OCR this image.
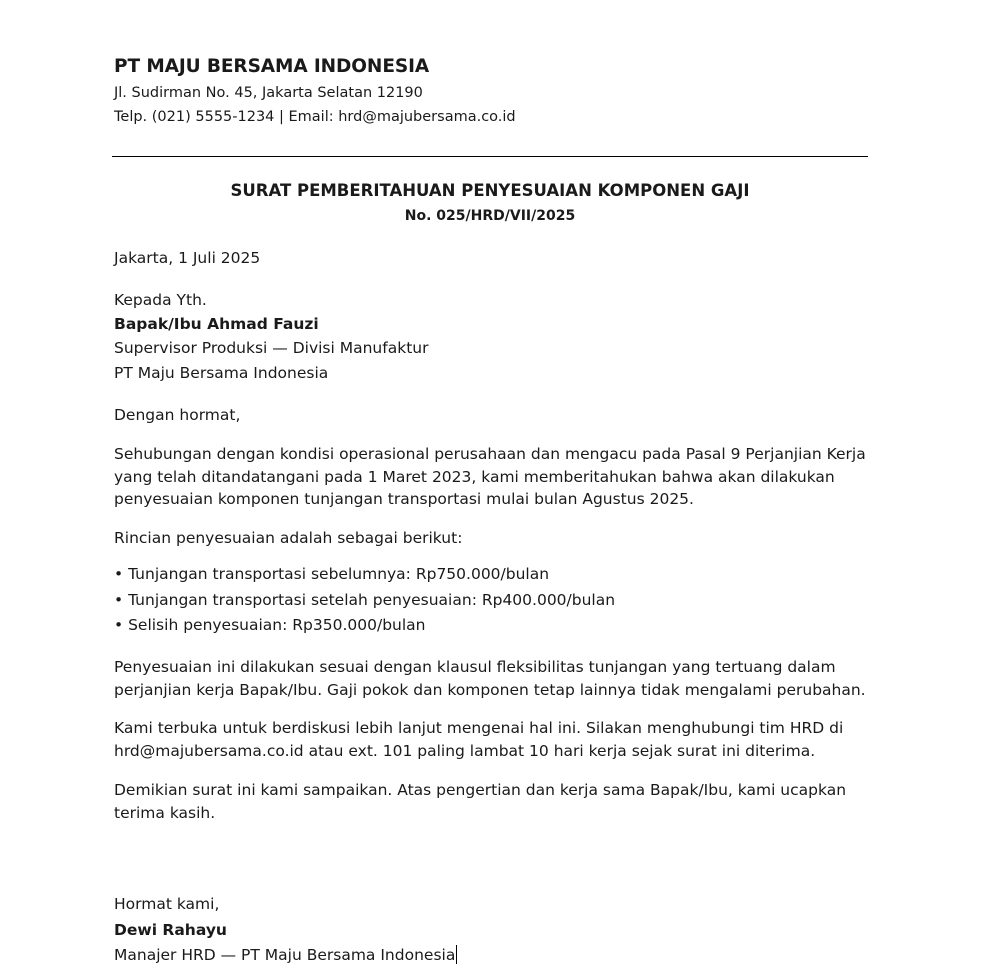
PT MAJU BERSAMA INDONESIA
Jl. Sudirman No. 45, Jakarta Selatan 12190
Telp. (021) 5555-1234 | Email: hrd@majubersama.co.id
SURAT PEMBERITAHUAN PENYESUAIAN KOMPONEN GAJI
No. 025/HRD/VII/2025
Jakarta, 1 Juli 2025
Kepada Yth.
Bapak/Ibu Ahmad Fauzi
Supervisor Produksi — Divisi Manufaktur
PT Maju Bersama Indonesia
Dengan hormat,
Sehubungan dengan kondisi operasional perusahaan dan mengacu pada Pasal 9 Perjanjian Kerja yang telah ditandatangani pada 1 Maret 2023, kami memberitahukan bahwa akan dilakukan penyesuaian komponen tunjangan transportasi mulai bulan Agustus 2025.
Rincian penyesuaian adalah sebagai berikut:
• Tunjangan transportasi sebelumnya: Rp750.000/bulan
• Tunjangan transportasi setelah penyesuaian: Rp400.000/bulan
• Selisih penyesuaian: Rp350.000/bulan
Penyesuaian ini dilakukan sesuai dengan klausul fleksibilitas tunjangan yang tertuang dalam perjanjian kerja Bapak/Ibu. Gaji pokok dan komponen tetap lainnya tidak mengalami perubahan.
Kami terbuka untuk berdiskusi lebih lanjut mengenai hal ini. Silakan menghubungi tim HRD di hrd@majubersama.co.id atau ext. 101 paling lambat 10 hari kerja sejak surat ini diterima.
Demikian surat ini kami sampaikan. Atas pengertian dan kerja sama Bapak/Ibu, kami ucapkan terima kasih.
Hormat kami,
Dewi Rahayu
Manajer HRD — PT Maju Bersama Indonesia
